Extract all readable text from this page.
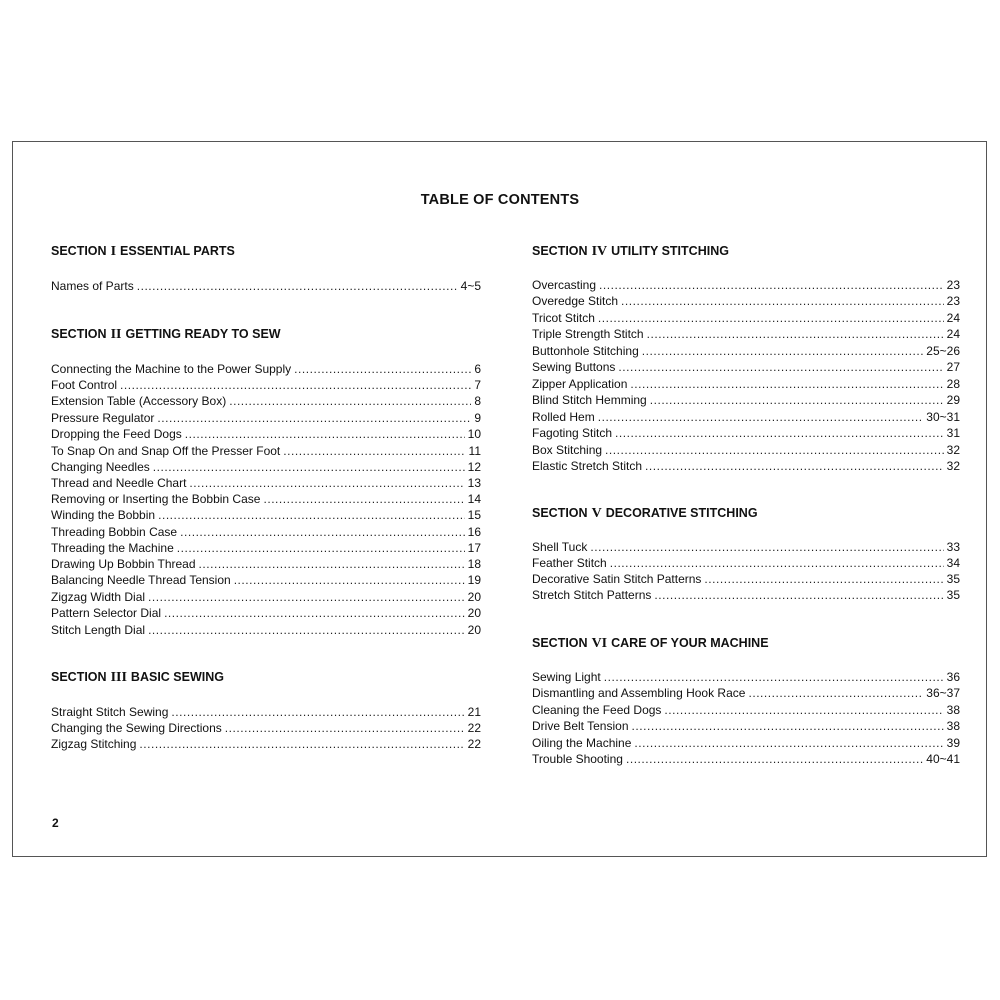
TABLE OF CONTENTS
SECTION I ESSENTIAL PARTS
Names of Parts . . .	4~5
SECTION II GETTING READY TO SEW
Connecting the Machine to the Power Supply . . .	6
Foot Control . . .	7
Extension Table (Accessory Box) . . .	8
Pressure Regulator . . .	9
Dropping the Feed Dogs . . .	10
To Snap On and Snap Off the Presser Foot . . .	11
Changing Needles . . .	12
Thread and Needle Chart . . .	13
Removing or Inserting the Bobbin Case . . .	14
Winding the Bobbin . . .	15
Threading Bobbin Case . . .	16
Threading the Machine . . .	17
Drawing Up Bobbin Thread . . .	18
Balancing Needle Thread Tension . . .	19
Zigzag Width Dial . . .	20
Pattern Selector Dial . . .	20
Stitch Length Dial . . .	20
SECTION III BASIC SEWING
Straight Stitch Sewing . . .	21
Changing the Sewing Directions . . .	22
Zigzag Stitching . . .	22
SECTION IV UTILITY STITCHING
Overcasting . . .	23
Overedge Stitch . . .	23
Tricot Stitch . . .	24
Triple Strength Stitch . . .	24
Buttonhole Stitching . . .	25~26
Sewing Buttons . . .	27
Zipper Application . . .	28
Blind Stitch Hemming . . .	29
Rolled Hem . . .	30~31
Fagoting Stitch . . .	31
Box Stitching . . .	32
Elastic Stretch Stitch . . .	32
SECTION V DECORATIVE STITCHING
Shell Tuck . . .	33
Feather Stitch . . .	34
Decorative Satin Stitch Patterns . . .	35
Stretch Stitch Patterns . . .	35
SECTION VI CARE OF YOUR MACHINE
Sewing Light . . .	36
Dismantling and Assembling Hook Race . . .	36~37
Cleaning the Feed Dogs . . .	38
Drive Belt Tension . . .	38
Oiling the Machine . . .	39
Trouble Shooting . . .	40~41
2
